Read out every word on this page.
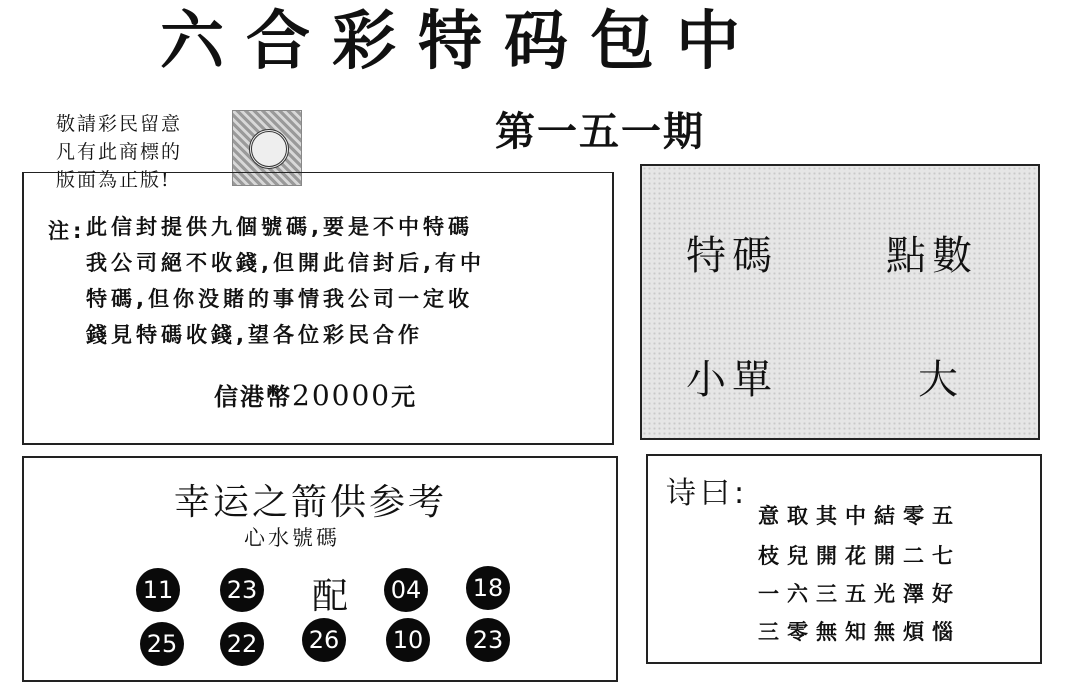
六合彩特码包中
第一五一期
敬請彩民留意
凡有此商標的
版面為正版!
注: 此信封提供九個號碼,要是不中特碼
我公司絕不收錢,但開此信封后,有中
特碼,但你没賭的事情我公司一定收
錢見特碼收錢,望各位彩民合作
信港幣20000元
特碼	點數
小單	大
幸运之箭供参考
心水號碼
11 23 配 04 18
25 22 26 10 23
诗曰:
意取其中結零五
枝兒開花開二七
一六三五光澤好
三零無知無煩惱
